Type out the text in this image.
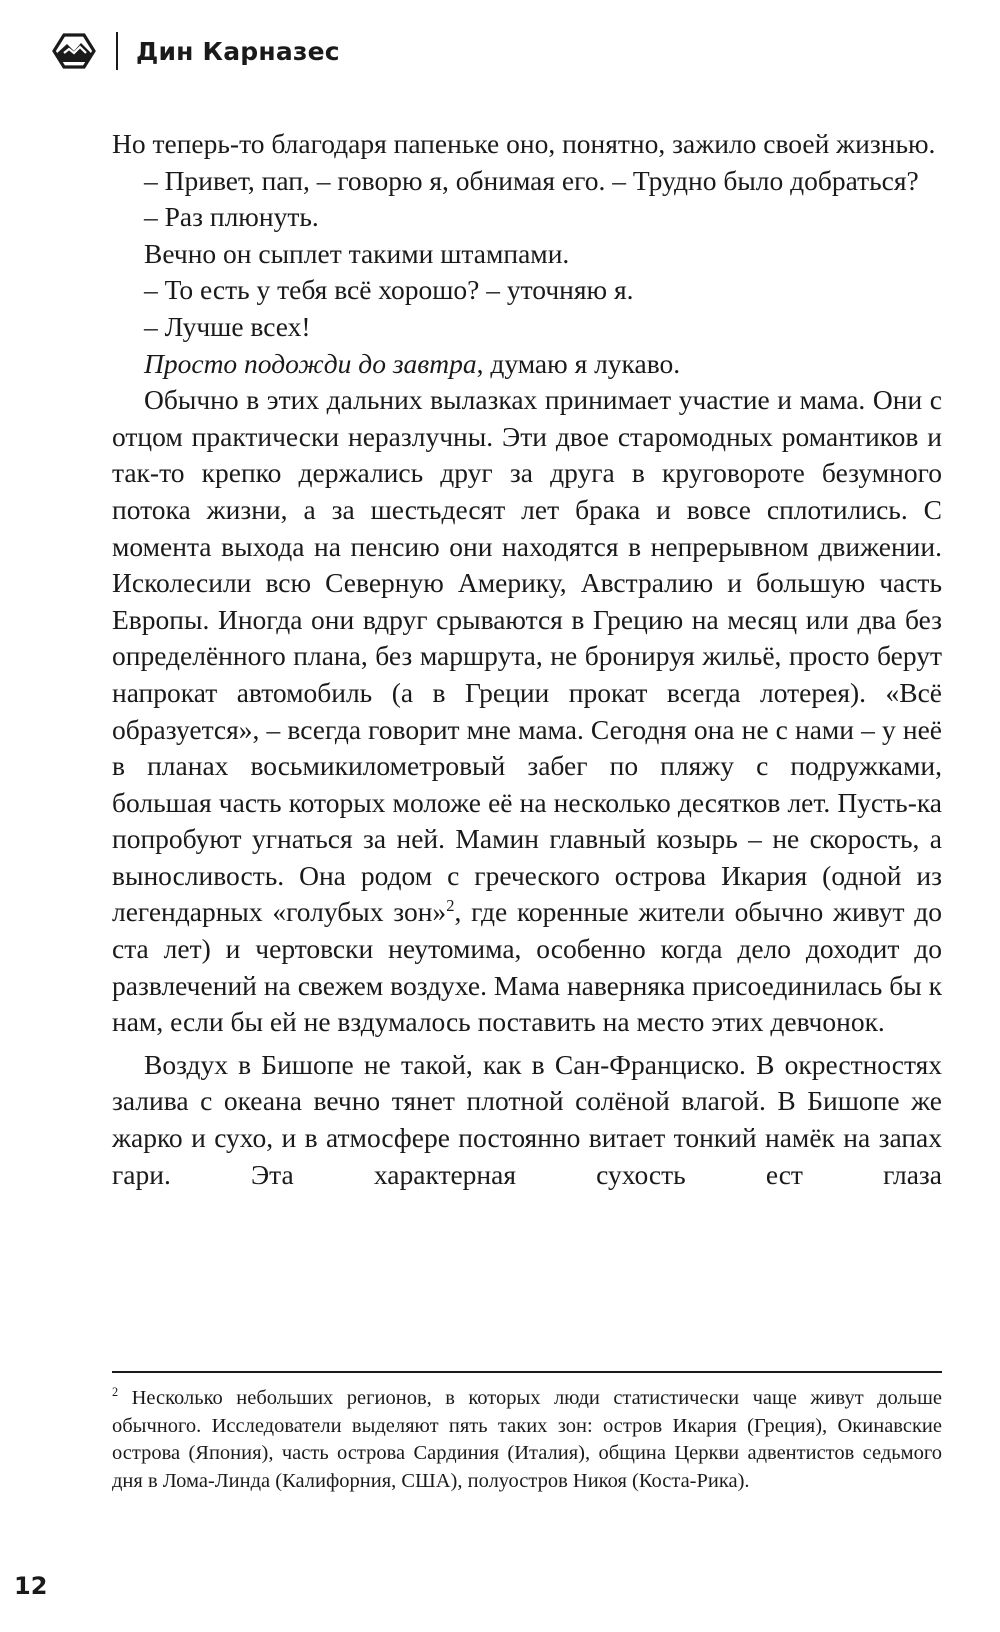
Дин Карназес

Но теперь-то благодаря папеньке оно, понятно, зажило своей жизнью.

– Привет, пап, – говорю я, обнимая его. – Трудно было добраться?

– Раз плюнуть.

Вечно он сыплет такими штампами.

– То есть у тебя всё хорошо? – уточняю я.

– Лучше всех!

Просто подожди до завтра, думаю я лукаво.

Обычно в этих дальних вылазках принимает участие и мама. Они с отцом практически неразлучны. Эти двое старомодных романтиков и так-то крепко держались друг за друга в круговороте безумного потока жизни, а за шестьдесят лет брака и вовсе сплотились. С момента выхода на пенсию они находятся в непрерывном движении. Исколесили всю Северную Америку, Австралию и большую часть Европы. Иногда они вдруг срываются в Грецию на месяц или два без определённого плана, без маршрута, не бронируя жильё, просто берут напрокат автомобиль (а в Греции прокат всегда лотерея). «Всё образуется», – всегда говорит мне мама. Сегодня она не с нами – у неё в планах восьмикилометровый забег по пляжу с подружками, большая часть которых моложе её на несколько десятков лет. Пусть-ка попробуют угнаться за ней. Мамин главный козырь – не скорость, а выносливость. Она родом с греческого острова Икария (одной из легендарных «голубых зон»$^2$, где коренные жители обычно живут до ста лет) и чертовски неутомима, особенно когда дело доходит до развлечений на свежем воздухе. Мама наверняка присоединилась бы к нам, если бы ей не вздумалось поставить на место этих девчонок.

Воздух в Бишопе не такой, как в Сан-Франциско. В окрестностях залива с океана вечно тянет плотной солёной влагой. В Бишопе же жарко и сухо, и в атмосфере постоянно витает тонкий намёк на запах гари. Эта характерная сухость ест глаза

$^2$ Несколько небольших регионов, в которых люди статистически чаще живут дольше обычного. Исследователи выделяют пять таких зон: остров Икария (Греция), Окинавские острова (Япония), часть острова Сардиния (Италия), община Церкви адвентистов седьмого дня в Лома-Линда (Калифорния, США), полуостров Никоя (Коста-Рика).

12
